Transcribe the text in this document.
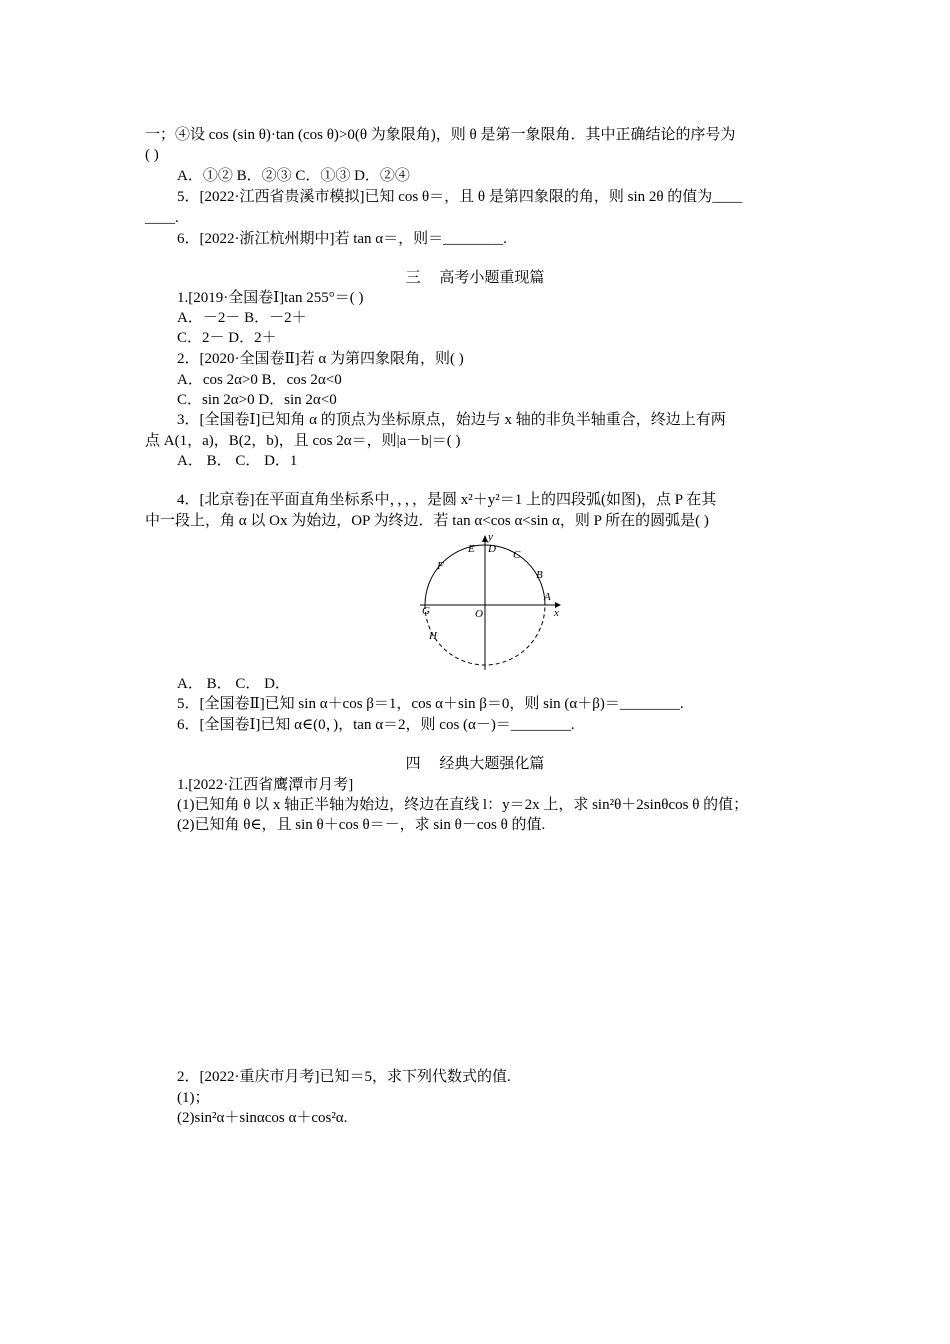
一；④设 cos (sin θ)·tan (cos θ)>0(θ 为象限角)，则 θ 是第一象限角．其中正确结论的序号为
( )
A．①② B．②③ C．①③ D．②④
5．[2022·江西省贵溪市模拟]已知 cos θ＝，且 θ 是第四象限的角，则 sin 2θ 的值为____
____.
6．[2022·浙江杭州期中]若 tan α＝，则＝________.
三　 高考小题重现篇
1.[2019·全国卷Ⅰ]tan 255°＝( )
A．－2－ B．－2＋
C．2－ D．2＋
2．[2020·全国卷Ⅱ]若 α 为第四象限角，则( )
A．cos 2α>0 B．cos 2α<0
C．sin 2α>0 D．sin 2α<0
3．[全国卷Ⅰ]已知角 α 的顶点为坐标原点，始边与 x 轴的非负半轴重合，终边上有两
点 A(1，a)，B(2，b)，且 cos 2α＝，则|a－b|＝( )
A． B． C． D．1
4．[北京卷]在平面直角坐标系中，，，，是圆 x²＋y²＝1 上的四段弧(如图)，点 P 在其
中一段上，角 α 以 Ox 为始边，OP 为终边．若 tan α<cos α<sin α，则 P 所在的圆弧是( )
y
x
O
A
B
C
D
E
F
G
H
A． B． C． D．
5．[全国卷Ⅱ]已知 sin α＋cos β＝1，cos α＋sin β＝0，则 sin (α＋β)＝________.
6．[全国卷Ⅰ]已知 α∈(0，)，tan α＝2，则 cos (α－)＝________.
四　 经典大题强化篇
1.[2022·江西省鹰潭市月考]
(1)已知角 θ 以 x 轴正半轴为始边，终边在直线 l：y＝2x 上，求 sin²θ＋2sinθcos θ 的值；
(2)已知角 θ∈，且 sin θ＋cos θ＝－，求 sin θ－cos θ 的值.
2．[2022·重庆市月考]已知＝5，求下列代数式的值.
(1)；
(2)sin²α＋sinαcos α＋cos²α.
